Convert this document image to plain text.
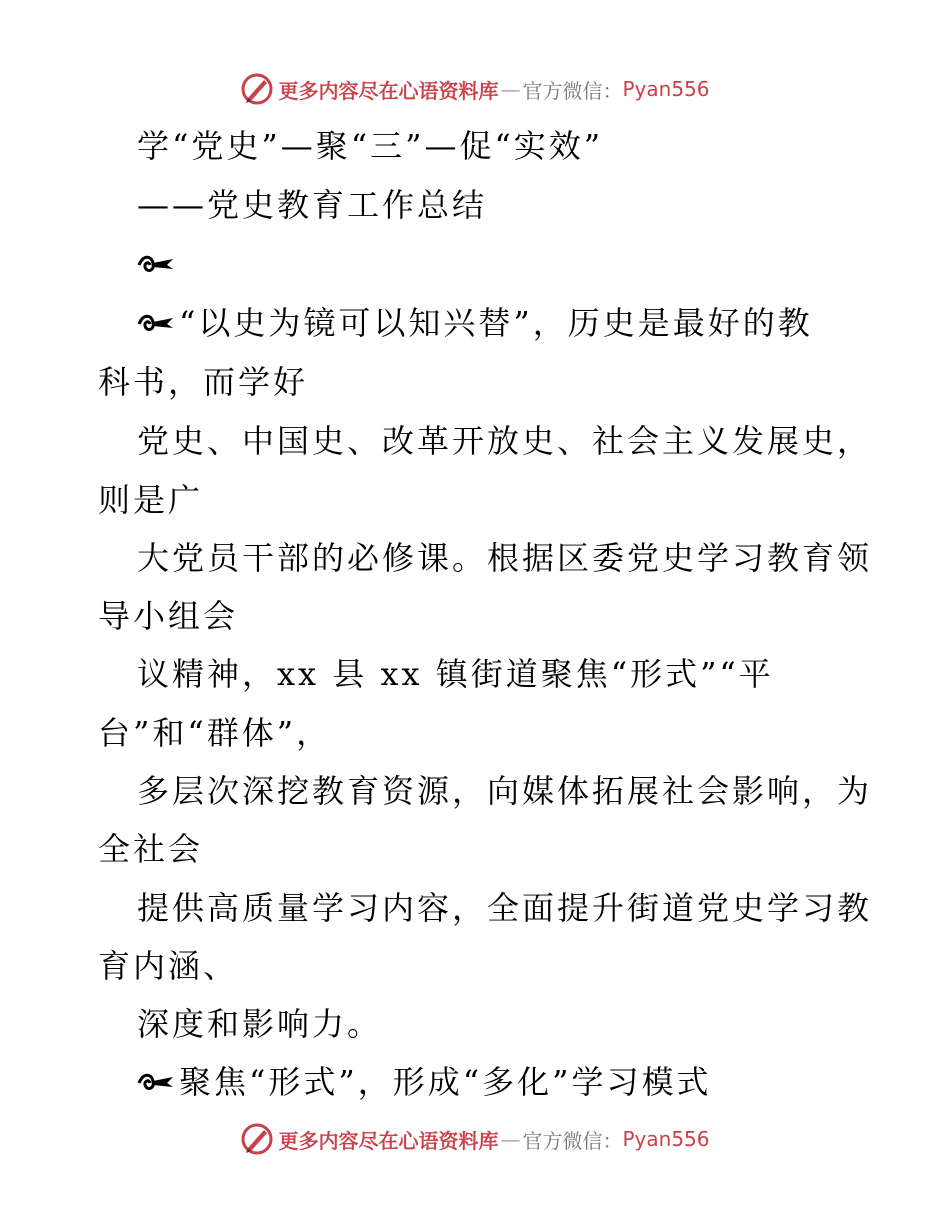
更多内容尽在心语资料库 — 官方微信： Pyan556
学“党史”—聚“三”—促“实效”
——党史教育工作总结
“以史为镜可以知兴替”，历史是最好的教
科书，而学好
党史、中国史、改革开放史、社会主义发展史，
则是广
大党员干部的必修课。根据区委党史学习教育领
导小组会
议精神，xx 县 xx 镇街道聚焦“形式”“平
台”和“群体”，
多层次深挖教育资源，向媒体拓展社会影响，为
全社会
提供高质量学习内容，全面提升街道党史学习教
育内涵、
深度和影响力。
聚焦“形式”，形成“多化”学习模式
更多内容尽在心语资料库 — 官方微信： Pyan556
